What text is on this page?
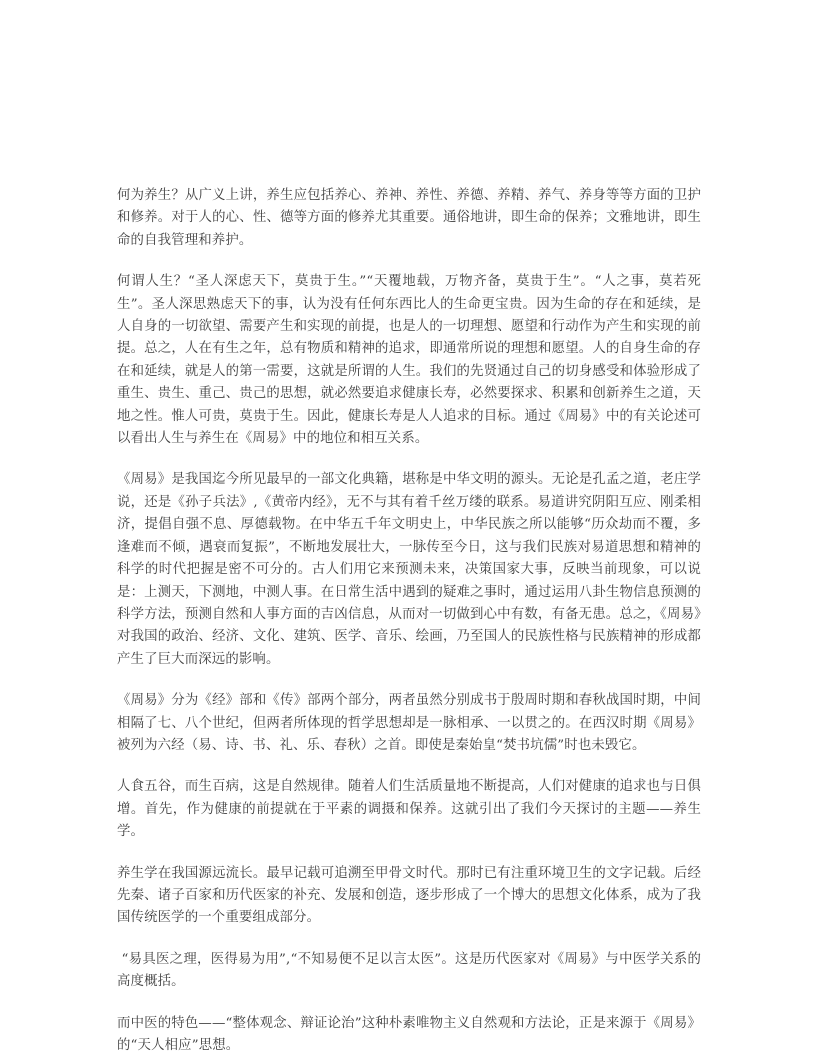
何为养生？从广义上讲，养生应包括养心、养神、养性、养德、养精、养气、养身等等方面的卫护和修养。对于人的心、性、德等方面的修养尤其重要。通俗地讲，即生命的保养；文雅地讲，即生命的自我管理和养护。

何谓人生？“圣人深虑天下，莫贵于生。”“天覆地载，万物齐备，莫贵于生”。“人之事，莫若死生”。圣人深思熟虑天下的事，认为没有任何东西比人的生命更宝贵。因为生命的存在和延续，是人自身的一切欲望、需要产生和实现的前提，也是人的一切理想、愿望和行动作为产生和实现的前提。总之，人在有生之年，总有物质和精神的追求，即通常所说的理想和愿望。人的自身生命的存在和延续，就是人的第一需要，这就是所谓的人生。我们的先贤通过自己的切身感受和体验形成了重生、贵生、重己、贵己的思想，就必然要追求健康长寿，必然要探求、积累和创新养生之道，天地之性。惟人可贵，莫贵于生。因此，健康长寿是人人追求的目标。通过《周易》中的有关论述可以看出人生与养生在《周易》中的地位和相互关系。

《周易》是我国迄今所见最早的一部文化典籍，堪称是中华文明的源头。无论是孔孟之道，老庄学说，还是《孙子兵法》,《黄帝内经》，无不与其有着千丝万缕的联系。易道讲究阴阳互应、刚柔相济，提倡自强不息、厚德载物。在中华五千年文明史上，中华民族之所以能够“历众劫而不覆，多逢难而不倾，遇衰而复振”，不断地发展壮大，一脉传至今日，这与我们民族对易道思想和精神的科学的时代把握是密不可分的。古人们用它来预测未来，决策国家大事，反映当前现象，可以说是：上测天，下测地，中测人事。在日常生活中遇到的疑难之事时，通过运用八卦生物信息预测的科学方法，预测自然和人事方面的吉凶信息，从而对一切做到心中有数，有备无患。总之，《周易》对我国的政治、经济、文化、建筑、医学、音乐、绘画，乃至国人的民族性格与民族精神的形成都产生了巨大而深远的影响。

《周易》分为《经》部和《传》部两个部分，两者虽然分别成书于殷周时期和春秋战国时期，中间相隔了七、八个世纪，但两者所体现的哲学思想却是一脉相承、一以贯之的。在西汉时期《周易》被列为六经（易、诗、书、礼、乐、春秋）之首。即使是秦始皇“焚书坑儒”时也未毁它。

人食五谷，而生百病，这是自然规律。随着人们生活质量地不断提高，人们对健康的追求也与日俱增。首先，作为健康的前提就在于平素的调摄和保养。这就引出了我们今天探讨的主题——养生学。

养生学在我国源远流长。最早记载可追溯至甲骨文时代。那时已有注重环境卫生的文字记载。后经先秦、诸子百家和历代医家的补充、发展和创造，逐步形成了一个博大的思想文化体系，成为了我国传统医学的一个重要组成部分。

“易具医之理，医得易为用”,“不知易便不足以言太医”。这是历代医家对《周易》与中医学关系的高度概括。

而中医的特色——“整体观念、辩证论治”这种朴素唯物主义自然观和方法论，正是来源于《周易》的“天人相应”思想。
